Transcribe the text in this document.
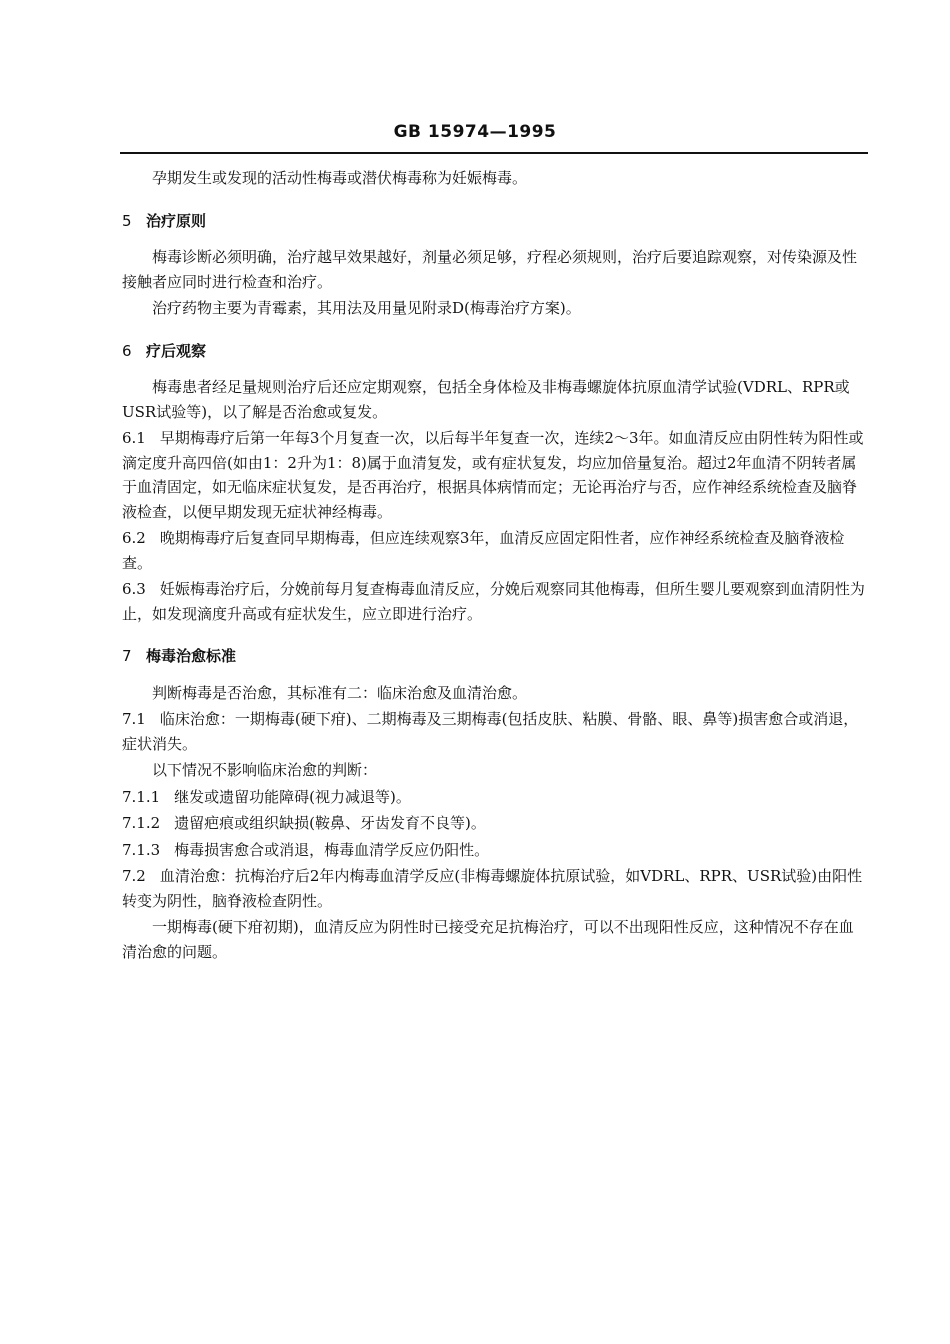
GB 15974—1995
孕期发生或发现的活动性梅毒或潜伏梅毒称为妊娠梅毒。
5 治疗原则
梅毒诊断必须明确，治疗越早效果越好，剂量必须足够，疗程必须规则，治疗后要追踪观察，对传染源及性接触者应同时进行检查和治疗。
治疗药物主要为青霉素，其用法及用量见附录D(梅毒治疗方案)。
6 疗后观察
梅毒患者经足量规则治疗后还应定期观察，包括全身体检及非梅毒螺旋体抗原血清学试验(VDRL、RPR或USR试验等)，以了解是否治愈或复发。
6.1 早期梅毒疗后第一年每3个月复查一次，以后每半年复查一次，连续2～3年。如血清反应由阴性转为阳性或滴定度升高四倍(如由1：2升为1：8)属于血清复发，或有症状复发，均应加倍量复治。超过2年血清不阴转者属于血清固定，如无临床症状复发，是否再治疗，根据具体病情而定；无论再治疗与否，应作神经系统检查及脑脊液检查，以便早期发现无症状神经梅毒。
6.2 晚期梅毒疗后复查同早期梅毒，但应连续观察3年，血清反应固定阳性者，应作神经系统检查及脑脊液检查。
6.3 妊娠梅毒治疗后，分娩前每月复查梅毒血清反应，分娩后观察同其他梅毒，但所生婴儿要观察到血清阴性为止，如发现滴度升高或有症状发生，应立即进行治疗。
7 梅毒治愈标准
判断梅毒是否治愈，其标准有二：临床治愈及血清治愈。
7.1 临床治愈：一期梅毒(硬下疳)、二期梅毒及三期梅毒(包括皮肤、粘膜、骨骼、眼、鼻等)损害愈合或消退，症状消失。
以下情况不影响临床治愈的判断：
7.1.1 继发或遗留功能障碍(视力减退等)。
7.1.2 遗留疤痕或组织缺损(鞍鼻、牙齿发育不良等)。
7.1.3 梅毒损害愈合或消退，梅毒血清学反应仍阳性。
7.2 血清治愈：抗梅治疗后2年内梅毒血清学反应(非梅毒螺旋体抗原试验，如VDRL、RPR、USR试验)由阳性转变为阴性，脑脊液检查阴性。
一期梅毒(硬下疳初期)，血清反应为阴性时已接受充足抗梅治疗，可以不出现阳性反应，这种情况不存在血清治愈的问题。
